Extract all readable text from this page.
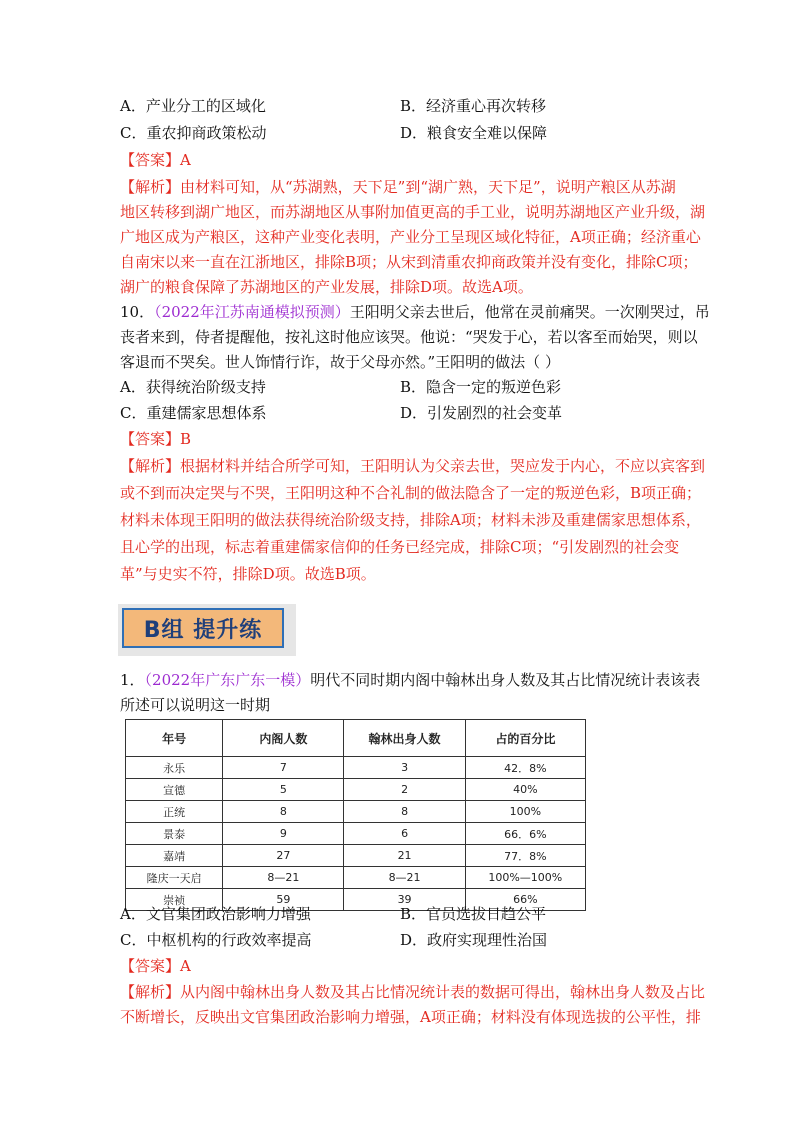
A．产业分工的区域化	B．经济重心再次转移
C．重农抑商政策松动	D．粮食安全难以保障
【答案】A
【解析】由材料可知，从“苏湖熟，天下足”到“湖广熟，天下足”，说明产粮区从苏湖
地区转移到湖广地区，而苏湖地区从事附加值更高的手工业，说明苏湖地区产业升级，湖
广地区成为产粮区，这种产业变化表明，产业分工呈现区域化特征，A项正确；经济重心
自南宋以来一直在江浙地区，排除B项；从宋到清重农抑商政策并没有变化，排除C项；
湖广的粮食保障了苏湖地区的产业发展，排除D项。故选A项。
10．（2022年江苏南通模拟预测）王阳明父亲去世后，他常在灵前痛哭。一次刚哭过，吊
丧者来到，侍者提醒他，按礼这时他应该哭。他说：“哭发于心，若以客至而始哭，则以
客退而不哭矣。世人饰情行诈，故于父母亦然。”王阳明的做法（ ）
A．获得统治阶级支持	B．隐含一定的叛逆色彩
C．重建儒家思想体系	D．引发剧烈的社会变革
【答案】B
【解析】根据材料并结合所学可知，王阳明认为父亲去世，哭应发于内心，不应以宾客到
或不到而决定哭与不哭，王阳明这种不合礼制的做法隐含了一定的叛逆色彩，B项正确；
材料未体现王阳明的做法获得统治阶级支持，排除A项；材料未涉及重建儒家思想体系，
且心学的出现，标志着重建儒家信仰的任务已经完成，排除C项；“引发剧烈的社会变
革”与史实不符，排除D项。故选B项。
B组 提升练
1．（2022年广东广东一模）明代不同时期内阁中翰林出身人数及其占比情况统计表该表
所述可以说明这一时期
年号	内阁人数	翰林出身人数	占的百分比
永乐	7	3	42．8%
宣德	5	2	40%
正统	8	8	100%
景泰	9	6	66．6%
嘉靖	27	21	77．8%
隆庆一天启	8—21	8—21	100%—100%
崇祯	59	39	66%
A．文官集团政治影响力增强	B．官员选拔日趋公平
C．中枢机构的行政效率提高	D．政府实现理性治国
【答案】A
【解析】从内阁中翰林出身人数及其占比情况统计表的数据可得出，翰林出身人数及占比
不断增长，反映出文官集团政治影响力增强，A项正确；材料没有体现选拔的公平性，排
